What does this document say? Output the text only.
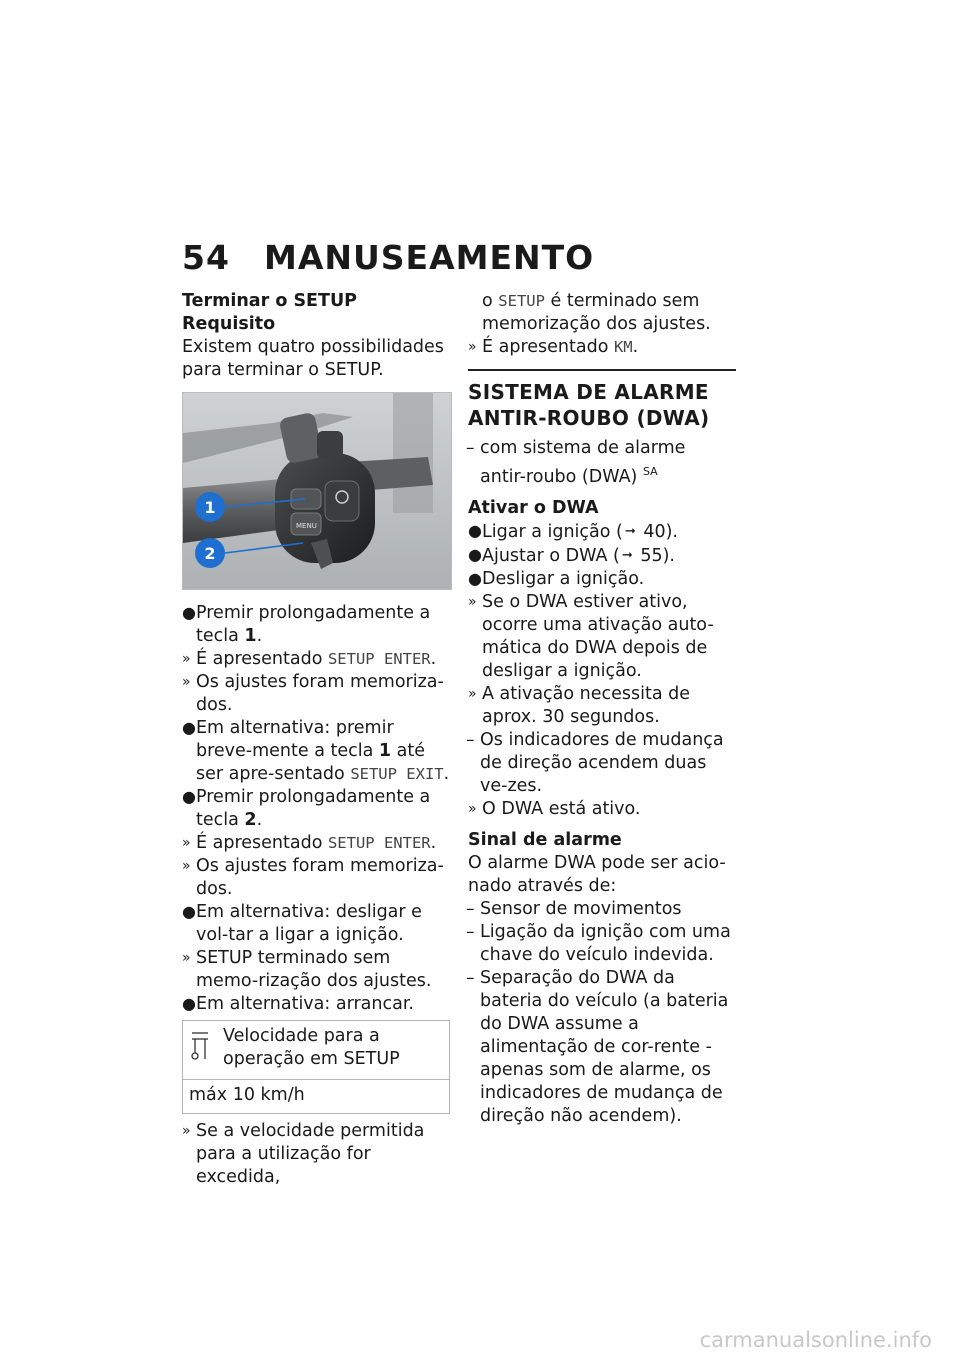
54 MANUSEAMENTO
Terminar o SETUP
Requisito

Existem quatro possibilidades para terminar o SETUP.

MENU
1
2
● Premir prolongadamente a tecla 1.
» É apresentado SETUP ENTER.
» Os ajustes foram memoriza-dos.
● Em alternativa: premir breve-mente a tecla 1 até ser apre-sentado SETUP EXIT.
● Premir prolongadamente a tecla 2.
» É apresentado SETUP ENTER.
» Os ajustes foram memoriza-dos.
● Em alternativa: desligar e vol-tar a ligar a ignição.
» SETUP terminado sem memo-rização dos ajustes.
● Em alternativa: arrancar.
Velocidade para a operação em SETUP
máx 10 km/h
» Se a velocidade permitida para a utilização for excedida,

o SETUP é terminado sem memorização dos ajustes.

» É apresentado KM.
SISTEMA DE ALARME ANTIR-ROUBO (DWA)
– com sistema de alarme antir-roubo (DWA) $^{SA}$
Ativar o DWA
● Ligar a ignição ( ➞ 40).
● Ajustar o DWA ( ➞ 55).
● Desligar a ignição.
» Se o DWA estiver ativo, ocorre uma ativação auto-mática do DWA depois de desligar a ignição.
» A ativação necessita de aprox. 30 segundos.
– Os indicadores de mudança de direção acendem duas ve-zes.
» O DWA está ativo.
Sinal de alarme

O alarme DWA pode ser acio-nado através de:

– Sensor de movimentos
– Ligação da ignição com uma chave do veículo indevida.
– Separação do DWA da bateria do veículo (a bateria do DWA assume a alimentação de cor-rente - apenas som de alarme, os indicadores de mudança de direção não acendem).
carmanualsonline.info
